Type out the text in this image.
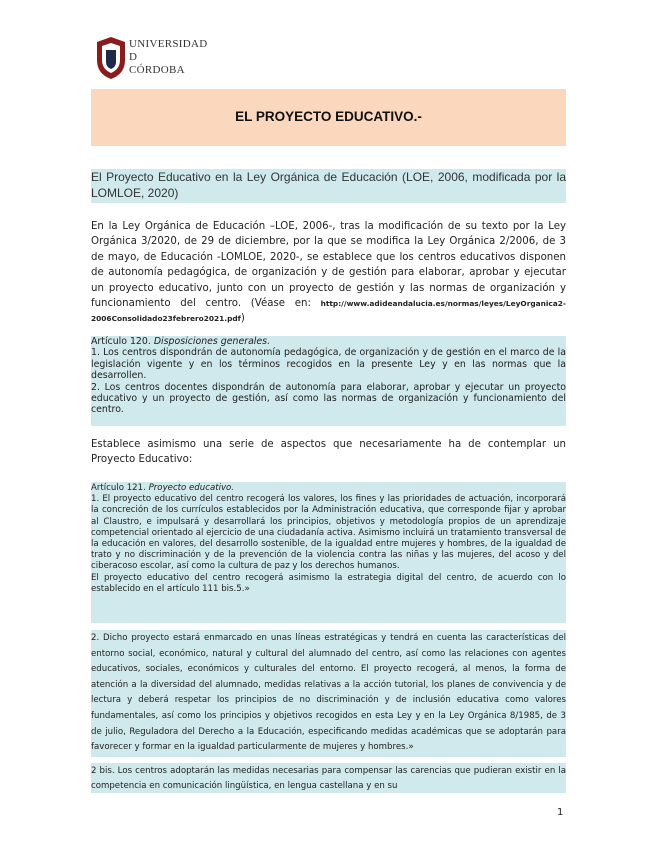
UNIVERSIDAD
D
CÓRDOBA
EL PROYECTO EDUCATIVO.-
El Proyecto Educativo en la Ley Orgánica de Educación (LOE, 2006, modificada por la LOMLOE, 2020)
En la Ley Orgánica de Educación –LOE, 2006-, tras la modificación de su texto por la Ley Orgánica 3/2020, de 29 de diciembre, por la que se modifica la Ley Orgánica 2/2006, de 3 de mayo, de Educación -LOMLOE, 2020-, se establece que los centros educativos disponen de autonomía pedagógica, de organización y de gestión para elaborar, aprobar y ejecutar un proyecto educativo, junto con un proyecto de gestión y las normas de organización y funcionamiento del centro. (Véase en: http://www.adideandalucia.es/normas/leyes/LeyOrganica2-2006Consolidado23febrero2021.pdf)
Artículo 120. Disposiciones generales.
1. Los centros dispondrán de autonomía pedagógica, de organización y de gestión en el marco de la legislación vigente y en los términos recogidos en la presente Ley y en las normas que la desarrollen.
2. Los centros docentes dispondrán de autonomía para elaborar, aprobar y ejecutar un proyecto educativo y un proyecto de gestión, así como las normas de organización y funcionamiento del centro.
Establece asimismo una serie de aspectos que necesariamente ha de contemplar un Proyecto Educativo:
Artículo 121. Proyecto educativo.
1. El proyecto educativo del centro recogerá los valores, los fines y las prioridades de actuación, incorporará la concreción de los currículos establecidos por la Administración educativa, que corresponde fijar y aprobar al Claustro, e impulsará y desarrollará los principios, objetivos y metodología propios de un aprendizaje competencial orientado al ejercicio de una ciudadanía activa. Asimismo incluirá un tratamiento transversal de la educación en valores, del desarrollo sostenible, de la igualdad entre mujeres y hombres, de la igualdad de trato y no discriminación y de la prevención de la violencia contra las niñas y las mujeres, del acoso y del ciberacoso escolar, así como la cultura de paz y los derechos humanos.
El proyecto educativo del centro recogerá asimismo la estrategia digital del centro, de acuerdo con lo establecido en el artículo 111 bis.5.»
2. Dicho proyecto estará enmarcado en unas líneas estratégicas y tendrá en cuenta las características del entorno social, económico, natural y cultural del alumnado del centro, así como las relaciones con agentes educativos, sociales, económicos y culturales del entorno. El proyecto recogerá, al menos, la forma de atención a la diversidad del alumnado, medidas relativas a la acción tutorial, los planes de convivencia y de lectura y deberá respetar los principios de no discriminación y de inclusión educativa como valores fundamentales, así como los principios y objetivos recogidos en esta Ley y en la Ley Orgánica 8/1985, de 3 de julio, Reguladora del Derecho a la Educación, especificando medidas académicas que se adoptarán para favorecer y formar en la igualdad particularmente de mujeres y hombres.»
2 bis. Los centros adoptarán las medidas necesarias para compensar las carencias que pudieran existir en la competencia en comunicación lingüística, en lengua castellana y en su
1
